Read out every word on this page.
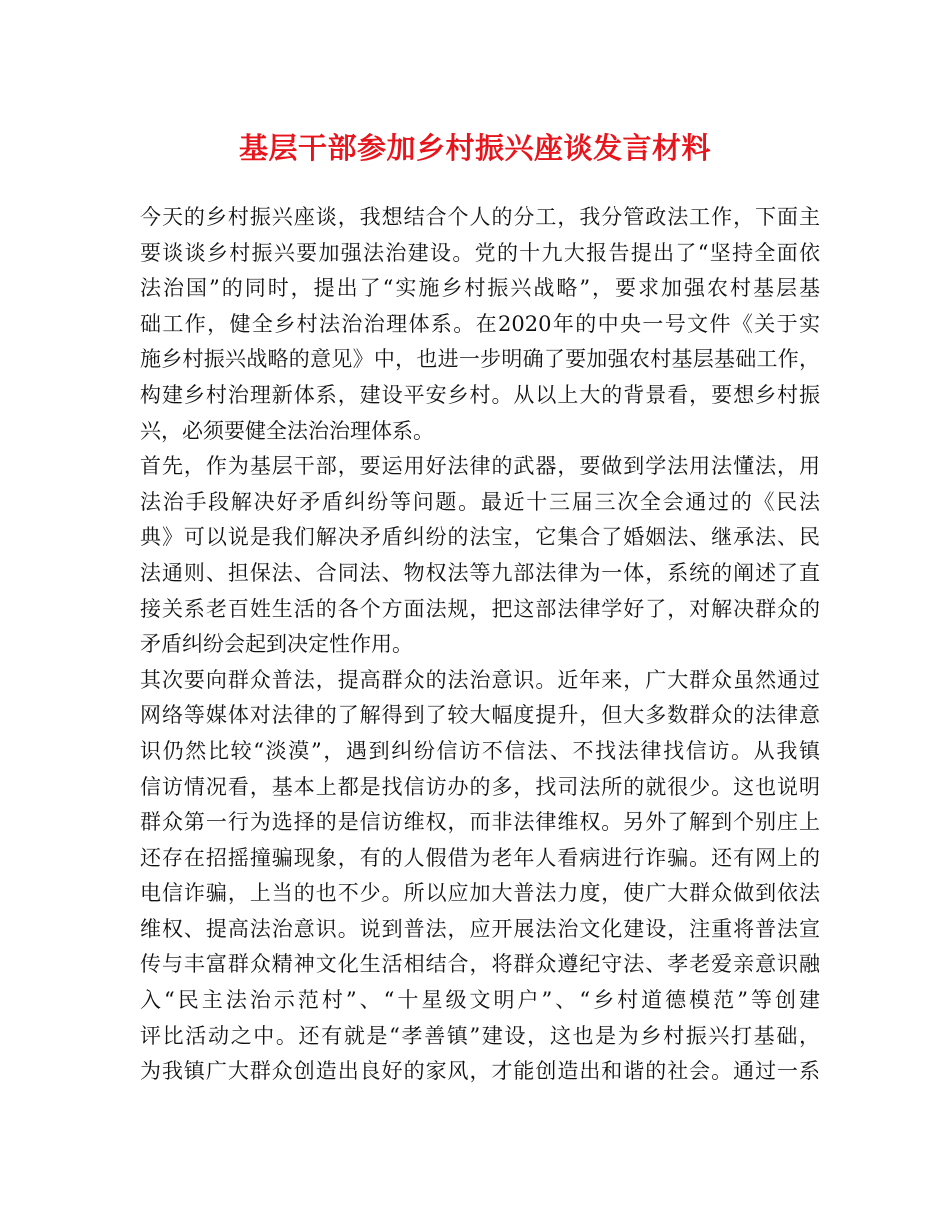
基层干部参加乡村振兴座谈发言材料
今天的乡村振兴座谈，我想结合个人的分工，我分管政法工作，下面主
要谈谈乡村振兴要加强法治建设。党的十九大报告提出了“坚持全面依
法治国”的同时，提出了“实施乡村振兴战略”，要求加强农村基层基
础工作，健全乡村法治治理体系。在2020年的中央一号文件《关于实
施乡村振兴战略的意见》中，也进一步明确了要加强农村基层基础工作，
构建乡村治理新体系，建设平安乡村。从以上大的背景看，要想乡村振
兴，必须要健全法治治理体系。
首先，作为基层干部，要运用好法律的武器，要做到学法用法懂法，用
法治手段解决好矛盾纠纷等问题。最近十三届三次全会通过的《民法
典》可以说是我们解决矛盾纠纷的法宝，它集合了婚姻法、继承法、民
法通则、担保法、合同法、物权法等九部法律为一体，系统的阐述了直
接关系老百姓生活的各个方面法规，把这部法律学好了，对解决群众的
矛盾纠纷会起到决定性作用。
其次要向群众普法，提高群众的法治意识。近年来，广大群众虽然通过
网络等媒体对法律的了解得到了较大幅度提升，但大多数群众的法律意
识仍然比较“淡漠”，遇到纠纷信访不信法、不找法律找信访。从我镇
信访情况看，基本上都是找信访办的多，找司法所的就很少。这也说明
群众第一行为选择的是信访维权，而非法律维权。另外了解到个别庄上
还存在招摇撞骗现象，有的人假借为老年人看病进行诈骗。还有网上的
电信诈骗，上当的也不少。所以应加大普法力度，使广大群众做到依法
维权、提高法治意识。说到普法，应开展法治文化建设，注重将普法宣
传与丰富群众精神文化生活相结合，将群众遵纪守法、孝老爱亲意识融
入“民主法治示范村”、“十星级文明户”、“乡村道德模范”等创建
评比活动之中。还有就是“孝善镇”建设，这也是为乡村振兴打基础，
为我镇广大群众创造出良好的家风，才能创造出和谐的社会。通过一系
